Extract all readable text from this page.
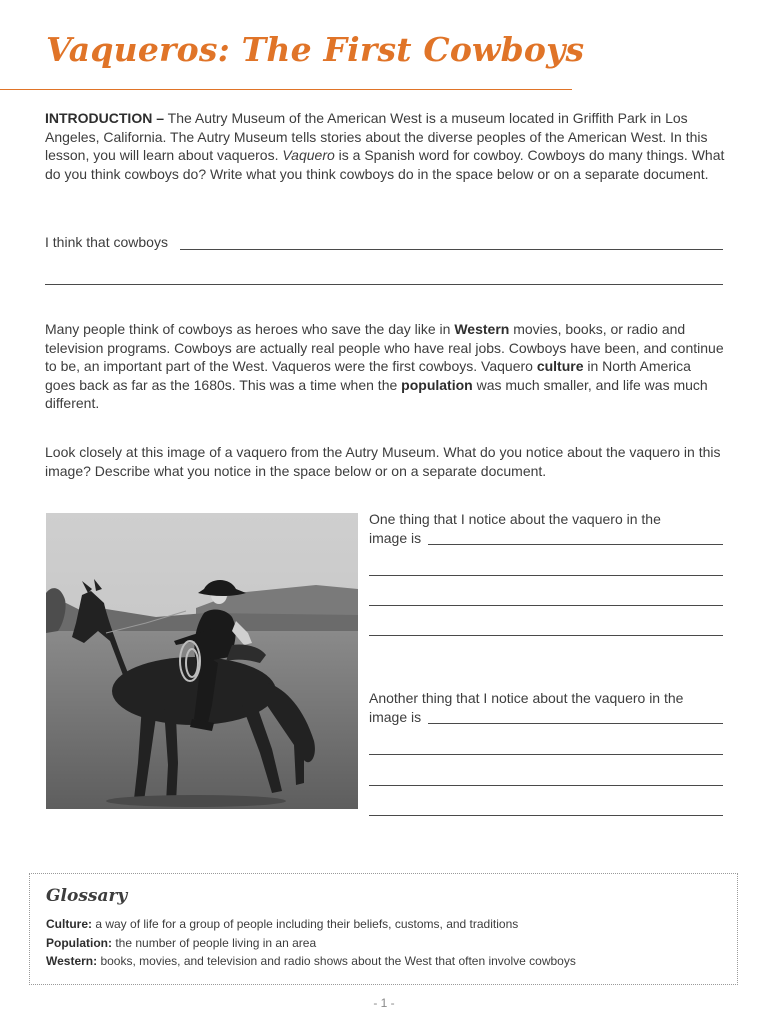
Vaqueros: The First Cowboys

INTRODUCTION – The Autry Museum of the American West is a museum located in Griffith Park in Los Angeles, California. The Autry Museum tells stories about the diverse peoples of the American West. In this lesson, you will learn about vaqueros. Vaquero is a Spanish word for cowboy. Cowboys do many things. What do you think cowboys do? Write what you think cowboys do in the space below or on a separate document.

I think that cowboys

Many people think of cowboys as heroes who save the day like in Western movies, books, or radio and television programs. Cowboys are actually real people who have real jobs. Cowboys have been, and continue to be, an important part of the West. Vaqueros were the first cowboys. Vaquero culture in North America goes back as far as the 1680s. This was a time when the population was much smaller, and life was much different.

Look closely at this image of a vaquero from the Autry Museum. What do you notice about the vaquero in this image? Describe what you notice in the space below or on a separate document.

One thing that I notice about the vaquero in the

image is

Another thing that I notice about the vaquero in the

image is

Glossary

Culture: a way of life for a group of people including their beliefs, customs, and traditions
Population: the number of people living in an area
Western: books, movies, and television and radio shows about the West that often involve cowboys
- 1 -
